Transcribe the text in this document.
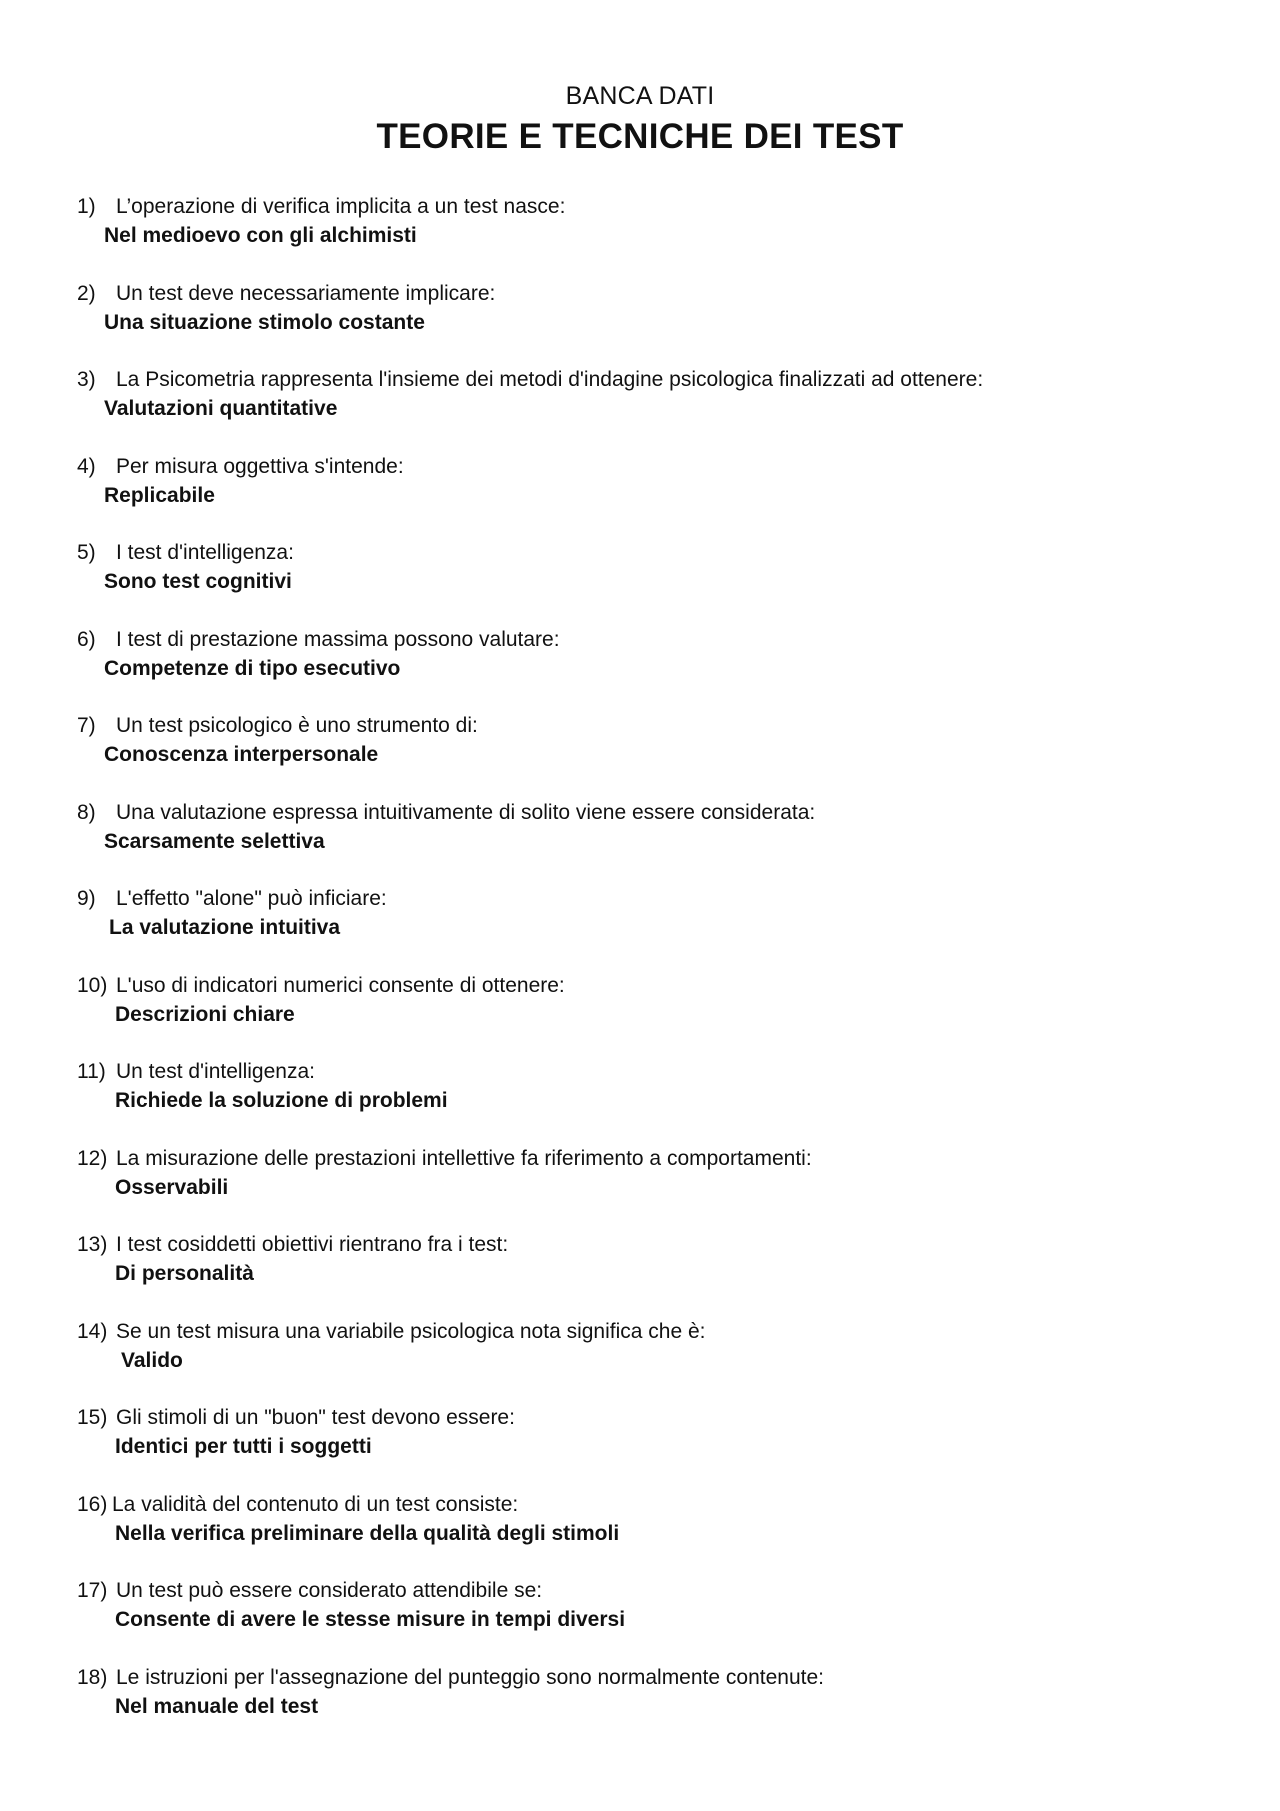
BANCA DATI
TEORIE E TECNICHE DEI TEST
1) L’operazione di verifica implicita a un test nasce:
Nel medioevo con gli alchimisti
2) Un test deve necessariamente implicare:
Una situazione stimolo costante
3) La Psicometria rappresenta l'insieme dei metodi d'indagine psicologica finalizzati ad ottenere:
Valutazioni quantitative
4) Per misura oggettiva s'intende:
Replicabile
5) I test d'intelligenza:
Sono test cognitivi
6) I test di prestazione massima possono valutare:
Competenze di tipo esecutivo
7) Un test psicologico è uno strumento di:
Conoscenza interpersonale
8) Una valutazione espressa intuitivamente di solito viene essere considerata:
Scarsamente selettiva
9) L'effetto "alone" può inficiare:
La valutazione intuitiva
10) L'uso di indicatori numerici consente di ottenere:
Descrizioni chiare
11) Un test d'intelligenza:
Richiede la soluzione di problemi
12) La misurazione delle prestazioni intellettive fa riferimento a comportamenti:
Osservabili
13) I test cosiddetti obiettivi rientrano fra i test:
Di personalità
14) Se un test misura una variabile psicologica nota significa che è:
Valido
15) Gli stimoli di un "buon" test devono essere:
Identici per tutti i soggetti
16) La validità del contenuto di un test consiste:
Nella verifica preliminare della qualità degli stimoli
17) Un test può essere considerato attendibile se:
Consente di avere le stesse misure in tempi diversi
18) Le istruzioni per l'assegnazione del punteggio sono normalmente contenute:
Nel manuale del test
